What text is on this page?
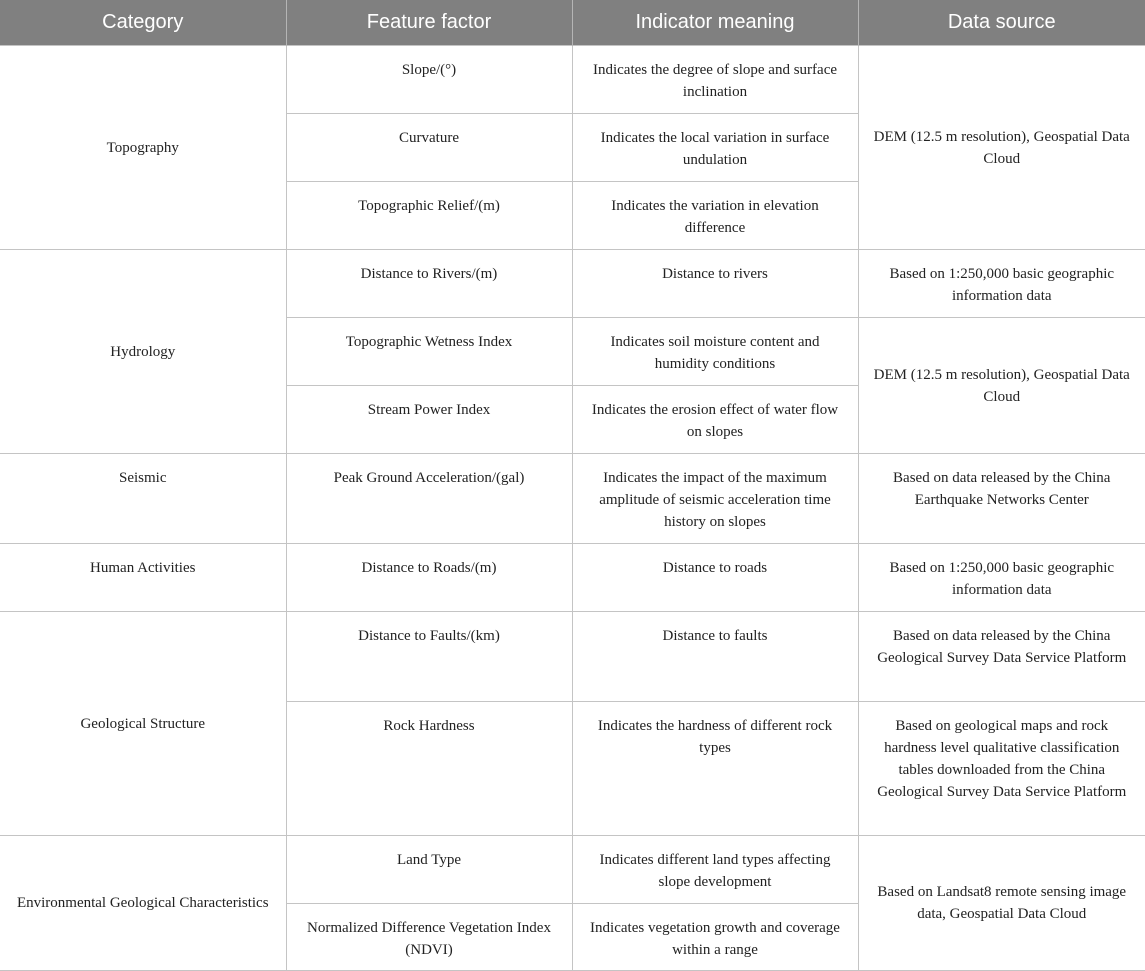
Category	Feature factor	Indicator meaning	Data source
Topography	Slope/(°)	Indicates the degree of slope and surface inclination	DEM (12.5 m resolution), Geospatial Data Cloud
	Curvature	Indicates the local variation in surface undulation	
	Topographic Relief/(m)	Indicates the variation in elevation difference	
Hydrology	Distance to Rivers/(m)	Distance to rivers	Based on 1:250,000 basic geographic information data
	Topographic Wetness Index	Indicates soil moisture content and humidity conditions	DEM (12.5 m resolution), Geospatial Data Cloud
	Stream Power Index	Indicates the erosion effect of water flow on slopes	
Seismic	Peak Ground Acceleration/(gal)	Indicates the impact of the maximum amplitude of seismic acceleration time history on slopes	Based on data released by the China Earthquake Networks Center
Human Activities	Distance to Roads/(m)	Distance to roads	Based on 1:250,000 basic geographic information data
Geological Structure	Distance to Faults/(km)	Distance to faults	Based on data released by the China Geological Survey Data Service Platform
	Rock Hardness	Indicates the hardness of different rock types	Based on geological maps and rock hardness level qualitative classification tables downloaded from the China Geological Survey Data Service Platform
Environmental Geological Characteristics	Land Type	Indicates different land types affecting slope development	Based on Landsat8 remote sensing image data, Geospatial Data Cloud
	Normalized Difference Vegetation Index (NDVI)	Indicates vegetation growth and coverage within a range	
